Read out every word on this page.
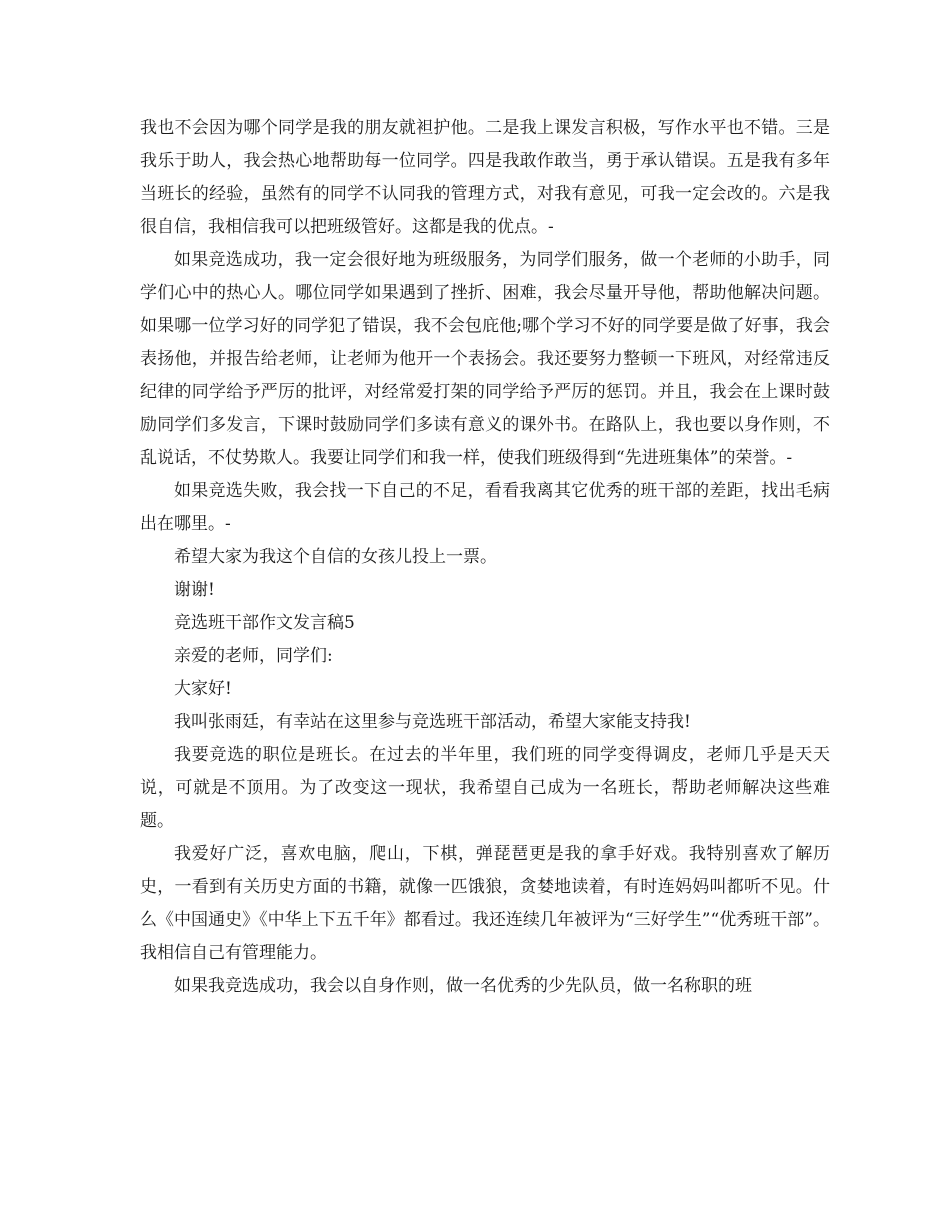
我也不会因为哪个同学是我的朋友就袒护他。二是我上课发言积极，写作水平也不错。三是我乐于助人，我会热心地帮助每一位同学。四是我敢作敢当，勇于承认错误。五是我有多年当班长的经验，虽然有的同学不认同我的管理方式，对我有意见，可我一定会改的。六是我很自信，我相信我可以把班级管好。这都是我的优点。-

如果竞选成功，我一定会很好地为班级服务，为同学们服务，做一个老师的小助手，同学们心中的热心人。哪位同学如果遇到了挫折、困难，我会尽量开导他，帮助他解决问题。如果哪一位学习好的同学犯了错误，我不会包庇他;哪个学习不好的同学要是做了好事，我会表扬他，并报告给老师，让老师为他开一个表扬会。我还要努力整顿一下班风，对经常违反纪律的同学给予严厉的批评，对经常爱打架的同学给予严厉的惩罚。并且，我会在上课时鼓励同学们多发言，下课时鼓励同学们多读有意义的课外书。在路队上，我也要以身作则，不乱说话，不仗势欺人。我要让同学们和我一样，使我们班级得到“先进班集体”的荣誉。-

如果竞选失败，我会找一下自己的不足，看看我离其它优秀的班干部的差距，找出毛病出在哪里。-

希望大家为我这个自信的女孩儿投上一票。

谢谢!

竞选班干部作文发言稿5

亲爱的老师，同学们:

大家好!

我叫张雨廷，有幸站在这里参与竞选班干部活动，希望大家能支持我!

我要竞选的职位是班长。在过去的半年里，我们班的同学变得调皮，老师几乎是天天说，可就是不顶用。为了改变这一现状，我希望自己成为一名班长，帮助老师解决这些难题。

我爱好广泛，喜欢电脑，爬山，下棋，弹琵琶更是我的拿手好戏。我特别喜欢了解历史，一看到有关历史方面的书籍，就像一匹饿狼，贪婪地读着，有时连妈妈叫都听不见。什么《中国通史》《中华上下五千年》都看过。我还连续几年被评为“三好学生”“优秀班干部”。我相信自己有管理能力。

如果我竞选成功，我会以自身作则，做一名优秀的少先队员，做一名称职的班
